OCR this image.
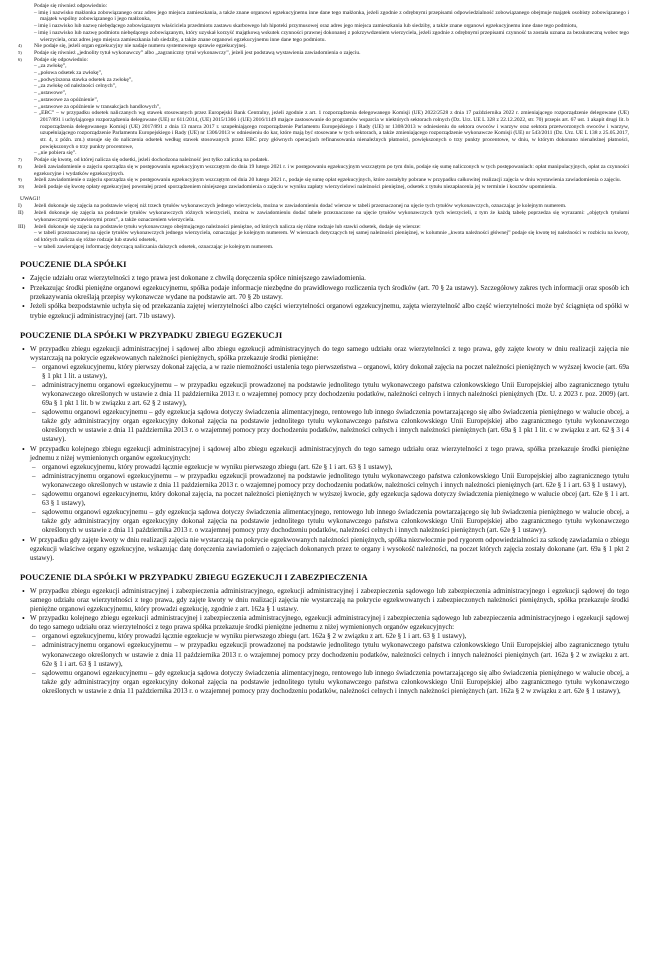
Podaje się również odpowiednio:
– imię i nazwisko małżonka zobowiązanego oraz adres jego miejsca zamieszkania, a także znane organowi egzekucyjnemu inne dane tego małżonka, jeżeli zgodnie z odrębnymi przepisami odpowiedzialność zobowiązanego obejmuje majątek osobisty zobowiązanego i majątek wspólny zobowiązanego i jego małżonka,
– imię i nazwisko lub nazwę niebędącego zobowiązanym właściciela przedmiotu zastawu skarbowego lub hipoteki przymusowej oraz adres jego miejsca zamieszkania lub siedziby, a także znane organowi egzekucyjnemu inne dane tego podmiotu,
– imię i nazwisko lub nazwę podmiotu niebędącego zobowiązanym, który uzyskał korzyść majątkową wskutek czynności prawnej dokonanej z pokrzywdzeniem wierzyciela, jeżeli zgodnie z odrębnymi przepisami czynność ta została uznana za bezskuteczną wobec tego wierzyciela, oraz adres jego miejsca zamieszkania lub siedziby, a także znane organowi egzekucyjnemu inne dane tego podmiotu.
4)	Nie podaje się, jeżeli organ egzekucyjny nie nadaje numeru systemowego sprawie egzekucyjnej.
5)	Podaje się również „jednolity tytuł wykonawczy” albo „zagraniczny tytuł wykonawczy”, jeżeli jest podstawą wystawienia zawiadomienia o zajęciu.
6)	Podaje się odpowiednio:
– „za zwłokę”,
– „połowa odsetek za zwłokę”,
– „podwyższona stawka odsetek za zwłokę”,
– „za zwłokę od należności celnych”,
– „ustawowe”,
– „ustawowe za opóźnienie”,
– „ustawowe za opóźnienie w transakcjach handlowych”,
– „EBC” – w przypadku odsetek naliczanych wg stawek stosowanych przez Europejski Bank Centralny, jeżeli zgodnie z art. 1 rozporządzenia delegowanego Komisji (UE) 2022/2528 z dnia 17 października 2022 r. zmieniającego rozporządzenie delegowane (UE) 2017/891 i uchylającego rozporządzenia delegowane (UE) nr 611/2014, (UE) 2015/1366 i (UE) 2016/1149 mające zastosowanie do programów wsparcia w niektórych sektorach rolnych (Dz. Urz. UE L 328 z 22.12.2022, str. 70) przepis art. 67 ust. 1 akapit drugi lit. b rozporządzenia delegowanego Komisji (UE) 2017/891 z dnia 13 marca 2017 r. uzupełniającego rozporządzenie Parlamentu Europejskiego i Rady (UE) nr 1308/2013 w odniesieniu do sektora owoców i warzyw oraz sektora przetworzonych owoców i warzyw, uzupełniającego rozporządzenie Parlamentu Europejskiego i Rady (UE) nr 1306/2013 w odniesieniu do kar, które mają być stosowane w tych sektorach, a także zmieniającego rozporządzenie wykonawcze Komisji (UE) nr 543/2011 (Dz. Urz. UE L 138 z 25.05.2017, str. 4, z późn. zm.) stosuje się do naliczenia odsetek według stawek stosowanych przez EBC przy głównych operacjach refinansowania nienależnych płatności, powiększonych o trzy punkty procentowe, w dniu, w którym dokonano nienależnej płatności, powiększonych o trzy punkty procentowe,
– „nie pobiera się”.
7)	Podaje się kwotę, od której nalicza się odsetki, jeżeli dochodzona należność jest tylko zaliczką na podatek.
8)	Jeżeli zawiadomienie o zajęciu sporządza się w postępowaniu egzekucyjnym wszczętym do dnia 19 lutego 2021 r. i w postępowaniu egzekucyjnym wszczętym po tym dniu, podaje się sumę naliczonych w tych postępowaniach: opłat manipulacyjnych, opłat za czynności egzekucyjne i wydatków egzekucyjnych.
9)	Jeżeli zawiadomienie o zajęciu sporządza się w postępowaniu egzekucyjnym wszczętym od dnia 20 lutego 2021 r., podaje się sumę opłat egzekucyjnych, które zostałyby pobrane w przypadku całkowitej realizacji zajęcia w dniu wystawienia zawiadomienia o zajęciu.
10)	Jeżeli podaje się kwotę opłaty egzekucyjnej powstałej przed sporządzeniem niniejszego zawiadomienia o zajęciu w wyniku zapłaty wierzycielowi należności pieniężnej, odsetek z tytułu niezapłacenia jej w terminie i kosztów upomnienia.
UWAGI!
I)	Jeżeli dokonuje się zajęcia na podstawie więcej niż trzech tytułów wykonawczych jednego wierzyciela, można w zawiadomieniu dodać wiersze w tabeli przeznaczonej na ujęcie tych tytułów wykonawczych, oznaczając je kolejnym numerem.
II)	Jeżeli dokonuje się zajęcia na podstawie tytułów wykonawczych różnych wierzycieli, można w zawiadomieniu dodać tabele przeznaczone na ujęcie tytułów wykonawczych tych wierzycieli, z tym że każdą tabelę poprzedza się wyrazami: „objętych tytułami wykonawczymi wystawionymi przez”, a także oznaczeniem wierzyciela.
III)	Jeżeli dokonuje się zajęcia na podstawie tytułu wykonawczego obejmującego należności pieniężne, od których nalicza się różne rodzaje lub stawki odsetek, dodaje się wiersze:
– w tabeli przeznaczonej na ujęcie tytułów wykonawczych jednego wierzyciela, oznaczając je kolejnym numerem. W wierszach dotyczących tej samej należności pieniężnej, w kolumnie „kwota należności głównej” podaje się kwotę tej należności w rozbiciu na kwoty, od których nalicza się różne rodzaje lub stawki odsetek,
– w tabeli zawierającej informację dotyczącą naliczania dalszych odsetek, oznaczając je kolejnym numerem.
POUCZENIE DLA SPÓŁKI
• Zajęcie udziału oraz wierzytelności z tego prawa jest dokonane z chwilą doręczenia spółce niniejszego zawiadomienia.
• Przekazując środki pieniężne organowi egzekucyjnemu, spółka podaje informacje niezbędne do prawidłowego rozliczenia tych środków (art. 70 § 2a ustawy). Szczegółowy zakres tych informacji oraz sposób ich przekazywania określają przepisy wykonawcze wydane na podstawie art. 70 § 2b ustawy.
• Jeżeli spółka bezpodstawnie uchyla się od przekazania zajętej wierzytelności albo części wierzytelności organowi egzekucyjnemu, zajęta wierzytelność albo część wierzytelności może być ściągnięta od spółki w trybie egzekucji administracyjnej (art. 71b ustawy).
POUCZENIE DLA SPÓŁKI W PRZYPADKU ZBIEGU EGZEKUCJI
• W przypadku zbiegu egzekucji administracyjnej i sądowej albo zbiegu egzekucji administracyjnych do tego samego udziału oraz wierzytelności z tego prawa, gdy zajęte kwoty w dniu realizacji zajęcia nie wystarczają na pokrycie egzekwowanych należności pieniężnych, spółka przekazuje środki pieniężne:
– organowi egzekucyjnemu, który pierwszy dokonał zajęcia, a w razie niemożności ustalenia tego pierwszeństwa – organowi, który dokonał zajęcia na poczet należności pieniężnych w wyższej kwocie (art. 69a § 1 pkt 1 lit. a ustawy),
– administracyjnemu organowi egzekucyjnemu – w przypadku egzekucji prowadzonej na podstawie jednolitego tytułu wykonawczego państwa członkowskiego Unii Europejskiej albo zagranicznego tytułu wykonawczego określonych w ustawie z dnia 11 października 2013 r. o wzajemnej pomocy przy dochodzeniu podatków, należności celnych i innych należności pieniężnych (Dz. U. z 2023 r. poz. 2009) (art. 69a § 1 pkt 1 lit. b w związku z art. 62 § 2 ustawy),
– sądowemu organowi egzekucyjnemu – gdy egzekucja sądowa dotyczy świadczenia alimentacyjnego, rentowego lub innego świadczenia powtarzającego się albo świadczenia pieniężnego w walucie obcej, a także gdy administracyjny organ egzekucyjny dokonał zajęcia na podstawie jednolitego tytułu wykonawczego państwa członkowskiego Unii Europejskiej albo zagranicznego tytułu wykonawczego określonych w ustawie z dnia 11 października 2013 r. o wzajemnej pomocy przy dochodzeniu podatków, należności celnych i innych należności pieniężnych (art. 69a § 1 pkt 1 lit. c w związku z art. 62 § 3 i 4 ustawy).
• W przypadku kolejnego zbiegu egzekucji administracyjnej i sądowej albo zbiegu egzekucji administracyjnych do tego samego udziału oraz wierzytelności z tego prawa, spółka przekazuje środki pieniężne jednemu z niżej wymienionych organów egzekucyjnych:
– organowi egzekucyjnemu, który prowadzi łącznie egzekucje w wyniku pierwszego zbiegu (art. 62e § 1 i art. 63 § 1 ustawy),
– administracyjnemu organowi egzekucyjnemu – w przypadku egzekucji prowadzonej na podstawie jednolitego tytułu wykonawczego państwa członkowskiego Unii Europejskiej albo zagranicznego tytułu wykonawczego określonych w ustawie z dnia 11 października 2013 r. o wzajemnej pomocy przy dochodzeniu podatków, należności celnych i innych należności pieniężnych (art. 62e § 1 i art. 63 § 1 ustawy),
– sądowemu organowi egzekucyjnemu, który dokonał zajęcia, na poczet należności pieniężnych w wyższej kwocie, gdy egzekucja sądowa dotyczy świadczenia pieniężnego w walucie obcej (art. 62e § 1 i art. 63 § 1 ustawy),
– sądowemu organowi egzekucyjnemu – gdy egzekucja sądowa dotyczy świadczenia alimentacyjnego, rentowego lub innego świadczenia powtarzającego się lub świadczenia pieniężnego w walucie obcej, a także gdy administracyjny organ egzekucyjny dokonał zajęcia na podstawie jednolitego tytułu wykonawczego państwa członkowskiego Unii Europejskiej albo zagranicznego tytułu wykonawczego określonych w ustawie z dnia 11 października 2013 r. o wzajemnej pomocy przy dochodzeniu podatków, należności celnych i innych należności pieniężnych (art. 62e § 1 ustawy).
• W przypadku gdy zajęte kwoty w dniu realizacji zajęcia nie wystarczają na pokrycie egzekwowanych należności pieniężnych, spółka niezwłocznie pod rygorem odpowiedzialności za szkodę zawiadamia o zbiegu egzekucji właściwe organy egzekucyjne, wskazując datę doręczenia zawiadomień o zajęciach dokonanych przez te organy i wysokość należności, na poczet których zajęcia zostały dokonane (art. 69a § 1 pkt 2 ustawy).
POUCZENIE DLA SPÓŁKI W PRZYPADKU ZBIEGU EGZEKUCJI I ZABEZPIECZENIA
• W przypadku zbiegu egzekucji administracyjnej i zabezpieczenia administracyjnego, egzekucji administracyjnej i zabezpieczenia sądowego lub zabezpieczenia administracyjnego i egzekucji sądowej do tego samego udziału oraz wierzytelności z tego prawa, gdy zajęte kwoty w dniu realizacji zajęcia nie wystarczają na pokrycie egzekwowanych i zabezpieczonych należności pieniężnych, spółka przekazuje środki pieniężne organowi egzekucyjnemu, który prowadzi egzekucję, zgodnie z art. 162a § 1 ustawy.
• W przypadku kolejnego zbiegu egzekucji administracyjnej i zabezpieczenia administracyjnego, egzekucji administracyjnej i zabezpieczenia sądowego lub zabezpieczenia administracyjnego i egzekucji sądowej do tego samego udziału oraz wierzytelności z tego prawa spółka przekazuje środki pieniężne jednemu z niżej wymienionych organów egzekucyjnych:
– organowi egzekucyjnemu, który prowadzi łącznie egzekucje w wyniku pierwszego zbiegu (art. 162a § 2 w związku z art. 62e § 1 i art. 63 § 1 ustawy),
– administracyjnemu organowi egzekucyjnemu – w przypadku egzekucji prowadzonej na podstawie jednolitego tytułu wykonawczego państwa członkowskiego Unii Europejskiej albo zagranicznego tytułu wykonawczego określonych w ustawie z dnia 11 października 2013 r. o wzajemnej pomocy przy dochodzeniu podatków, należności celnych i innych należności pieniężnych (art. 162a § 2 w związku z art. 62e § 1 i art. 63 § 1 ustawy),
– sądowemu organowi egzekucyjnemu – gdy egzekucja sądowa dotyczy świadczenia alimentacyjnego, rentowego lub innego świadczenia powtarzającego się albo świadczenia pieniężnego w walucie obcej, a także gdy administracyjny organ egzekucyjny dokonał zajęcia na podstawie jednolitego tytułu wykonawczego państwa członkowskiego Unii Europejskiej albo zagranicznego tytułu wykonawczego określonych w ustawie z dnia 11 października 2013 r. o wzajemnej pomocy przy dochodzeniu podatków, należności celnych i innych należności pieniężnych (art. 162a § 2 w związku z art. 62e § 1 ustawy),
